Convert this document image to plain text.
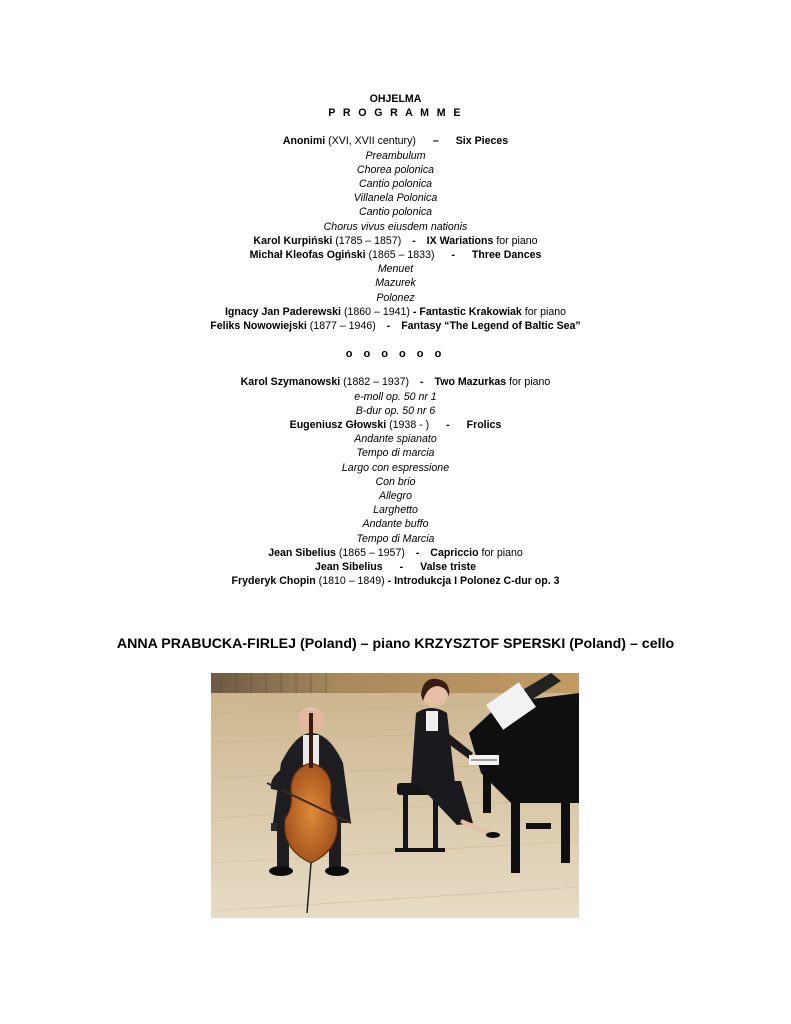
OHJELMA

P R O G R A M M E

Anonimi (XVI, XVII century) – Six Pieces

Preambulum

Chorea polonica

Cantio polonica

Villanela Polonica

Cantio polonica

Chorus vivus eiusdem nationis

Karol Kurpiński (1785 – 1857) - IX Wariations for piano

Michał Kleofas Ogiński (1865 – 1833) - Three Dances

Menuet

Mazurek

Polonez

Ignacy Jan Paderewski (1860 – 1941) - Fantastic Krakowiak for piano

Feliks Nowowiejski (1877 – 1946) - Fantasy “The Legend of Baltic Sea”

o o o o o o

Karol Szymanowski (1882 – 1937) - Two Mazurkas for piano

e-moll op. 50 nr 1

B-dur op. 50 nr 6

Eugeniusz Głowski (1938 - ) - Frolics

Andante spianato

Tempo di marcia

Largo con espressione

Con brio

Allegro

Larghetto

Andante buffo

Tempo di Marcia

Jean Sibelius (1865 – 1957) - Capriccio for piano

Jean Sibelius - Valse triste

Fryderyk Chopin (1810 – 1849) - Introdukcja I Polonez C-dur op. 3

ANNA PRABUCKA-FIRLEJ (Poland) – piano KRZYSZTOF SPERSKI (Poland) – cello
